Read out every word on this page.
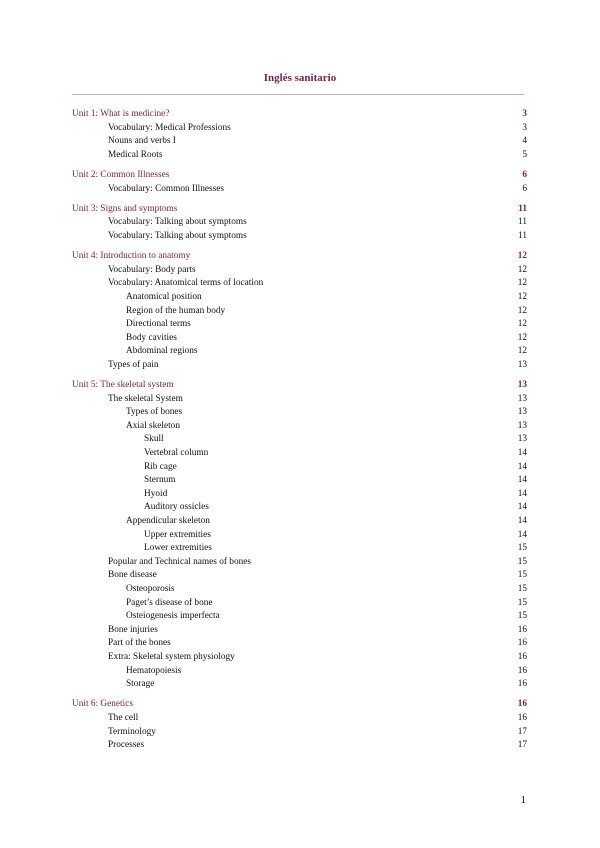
Inglés sanitario
Unit 1: What is medicine?	3
Vocabulary: Medical Professions	3
Nouns and verbs I	4
Medical Roots	5
Unit 2: Common Illnesses	6
Vocabulary: Common Illnesses	6
Unit 3: Signs and symptoms	11
Vocabulary: Talking about symptoms	11
Vocabulary: Talking about symptoms	11
Unit 4: Introduction to anatomy	12
Vocabulary: Body parts	12
Vocabulary: Anatomical terms of location	12
Anatomical position	12
Region of the human body	12
Directional terms	12
Body cavities	12
Abdominal regions	12
Types of pain	13
Unit 5: The skeletal system	13
The skeletal System	13
Types of bones	13
Axial skeleton	13
Skull	13
Vertebral column	14
Rib cage	14
Sternum	14
Hyoid	14
Auditory ossicles	14
Appendicular skeleton	14
Upper extremities	14
Lower extremities	15
Popular and Technical names of bones	15
Bone disease	15
Osteoporosis	15
Paget’s disease of bone	15
Osteiogenesis imperfecta	15
Bone injuries	16
Part of the bones	16
Extra: Skeletal system physiology	16
Hematopoiesis	16
Storage	16
Unit 6: Genetics	16
The cell	16
Terminology	17
Processes	17
1
